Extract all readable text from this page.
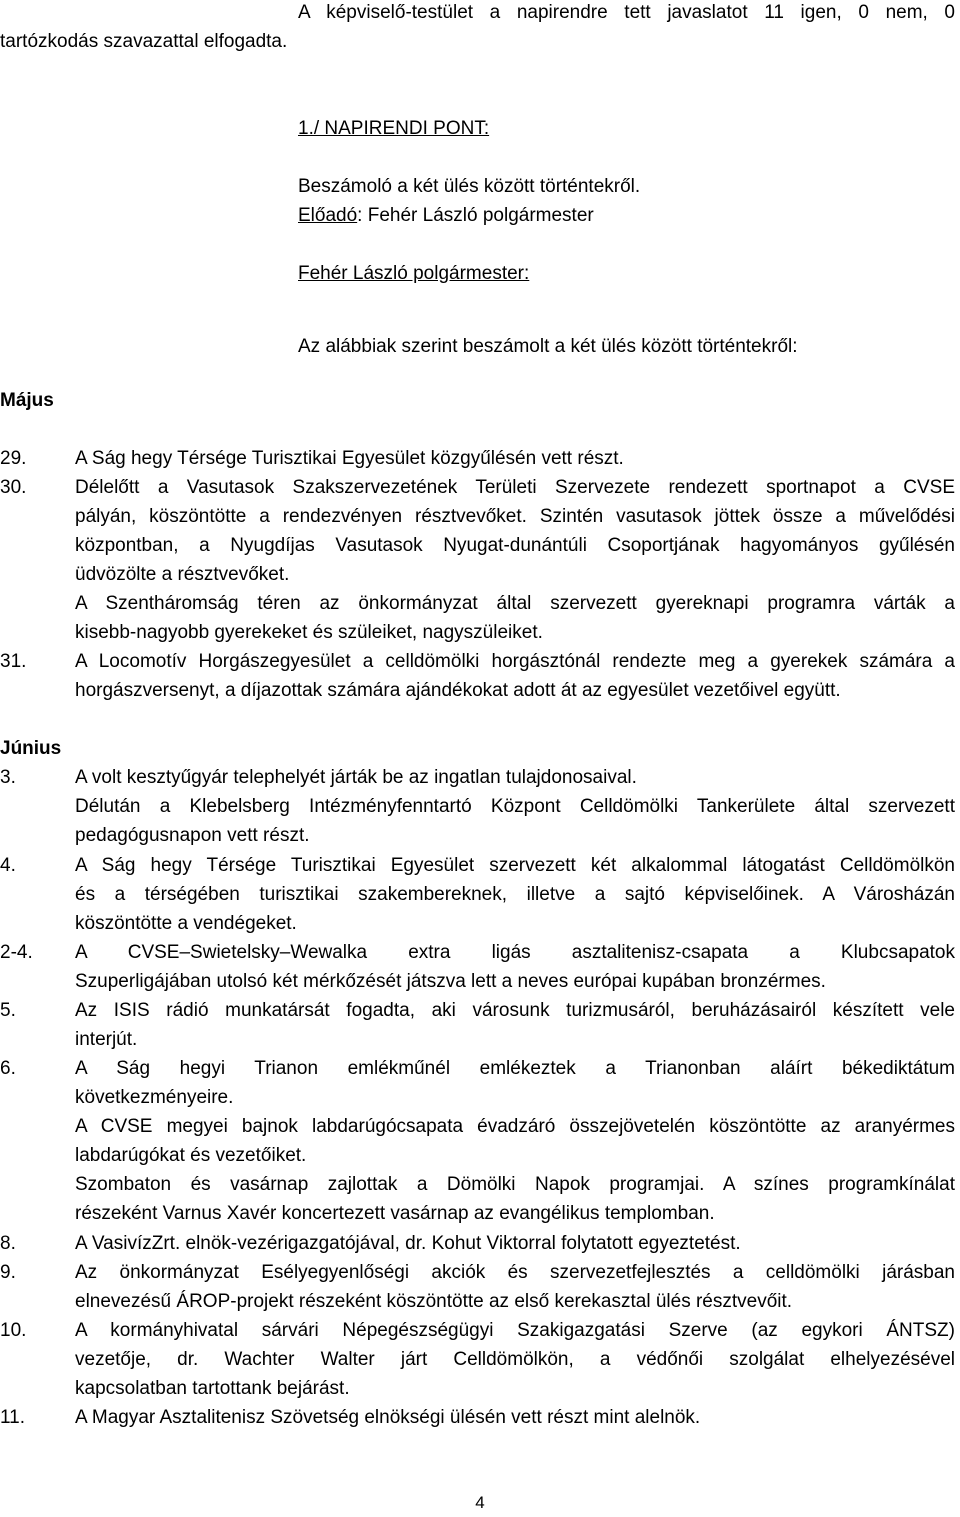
A képviselő-testület a napirendre tett javaslatot 11 igen, 0 nem, 0
tartózkodás szavazattal elfogadta.
1./ NAPIRENDI PONT:
Beszámoló a két ülés között történtekről.
Előadó: Fehér László polgármester
Fehér László polgármester:
Az alábbiak szerint beszámolt a két ülés között történtekről:
Május
29.	A Ság hegy Térsége Turisztikai Egyesület közgyűlésén vett részt.
30.	Délelőtt a Vasutasok Szakszervezetének Területi Szervezete rendezett sportnapot a CVSE
pályán, köszöntötte a rendezvényen résztvevőket. Szintén vasutasok jöttek össze a művelődési
központban, a Nyugdíjas Vasutasok Nyugat-dunántúli Csoportjának hagyományos gyűlésén
üdvözölte a résztvevőket.
A Szentháromság téren az önkormányzat által szervezett gyereknapi programra várták a
kisebb-nagyobb gyerekeket és szüleiket, nagyszüleiket.
31.	A Locomotív Horgászegyesület a celldömölki horgásztónál rendezte meg a gyerekek számára a
horgászversenyt, a díjazottak számára ajándékokat adott át az egyesület vezetőivel együtt.
Június
3.	A volt kesztyűgyár telephelyét járták be az ingatlan tulajdonosaival.
Délután a Klebelsberg Intézményfenntartó Központ Celldömölki Tankerülete által szervezett
pedagógusnapon vett részt.
4.	A Ság hegy Térsége Turisztikai Egyesület szervezett két alkalommal látogatást Celldömölkön
és a térségében turisztikai szakembereknek, illetve a sajtó képviselőinek. A Városházán
köszöntötte a vendégeket.
2-4. A CVSE–Swietelsky–Wewalka extra ligás asztalitenisz-csapata a Klubcsapatok
Szuperligájában utolsó két mérkőzését játszva lett a neves európai kupában bronzérmes.
5.	Az ISIS rádió munkatársát fogadta, aki városunk turizmusáról, beruházásairól készített vele
interjút.
6.	A Ság hegyi Trianon emlékműnél emlékeztek a Trianonban aláírt békediktátum
következményeire.
A CVSE megyei bajnok labdarúgócsapata évadzáró összejövetelén köszöntötte az aranyérmes
labdarúgókat és vezetőiket.
Szombaton és vasárnap zajlottak a Dömölki Napok programjai. A színes programkínálat
részeként Varnus Xavér koncertezett vasárnap az evangélikus templomban.
8.	A VasivízZrt. elnök-vezérigazgatójával, dr. Kohut Viktorral folytatott egyeztetést.
9.	Az önkormányzat Esélyegyenlőségi akciók és szervezetfejlesztés a celldömölki járásban
elnevezésű ÁROP-projekt részeként köszöntötte az első kerekasztal ülés résztvevőit.
10.	A kormányhivatal sárvári Népegészségügyi Szakigazgatási Szerve (az egykori ÁNTSZ)
vezetője, dr. Wachter Walter járt Celldömölkön, a védőnői szolgálat elhelyezésével
kapcsolatban tartottank bejárást.
11.	A Magyar Asztalitenisz Szövetség elnökségi ülésén vett részt mint alelnök.
4
